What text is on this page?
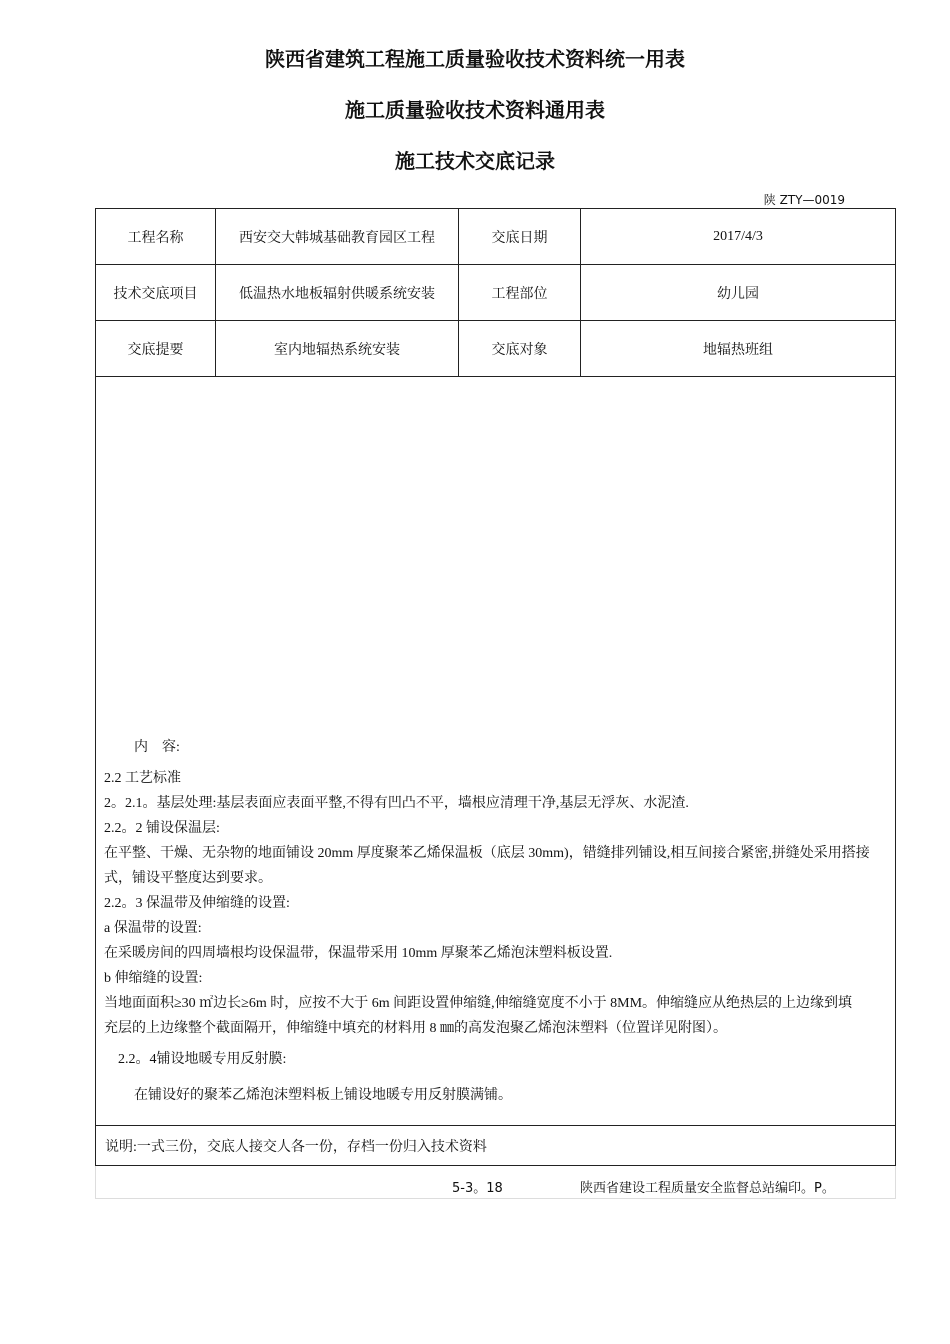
陕西省建筑工程施工质量验收技术资料统一用表
施工质量验收技术资料通用表
施工技术交底记录
陕 ZTY—0019
工程名称	西安交大韩城基础教育园区工程	交底日期	2017/4/3
技术交底项目	低温热水地板辐射供暖系统安装	工程部位	幼儿园
交底提要	室内地辐热系统安装	交底对象	地辐热班组
内　容:
2.2 工艺标准
2。2.1。基层处理:基层表面应表面平整,不得有凹凸不平，墙根应清理干净,基层无浮灰、水泥渣.
2.2。2 铺设保温层:
在平整、干燥、无杂物的地面铺设 20mm 厚度聚苯乙烯保温板（底层 30mm)，错缝排列铺设,相互间接合紧密,拼缝处采用搭接
式，铺设平整度达到要求。
2.2。3 保温带及伸缩缝的设置:
a 保温带的设置:
在采暖房间的四周墙根均设保温带，保温带采用 10mm 厚聚苯乙烯泡沫塑料板设置.
b 伸缩缝的设置:
当地面面积≥30 ㎡边长≥6m 时，应按不大于 6m 间距设置伸缩缝,伸缩缝宽度不小于 8MM。伸缩缝应从绝热层的上边缘到填
充层的上边缘整个截面隔开，伸缩缝中填充的材料用 8 ㎜的高发泡聚乙烯泡沫塑料（位置详见附图）。
2.2。4铺设地暖专用反射膜:
在铺设好的聚苯乙烯泡沫塑料板上铺设地暖专用反射膜满铺。
说明:一式三份，交底人接交人各一份，存档一份归入技术资料
5-3。18	陕西省建设工程质量安全监督总站编印。P。
